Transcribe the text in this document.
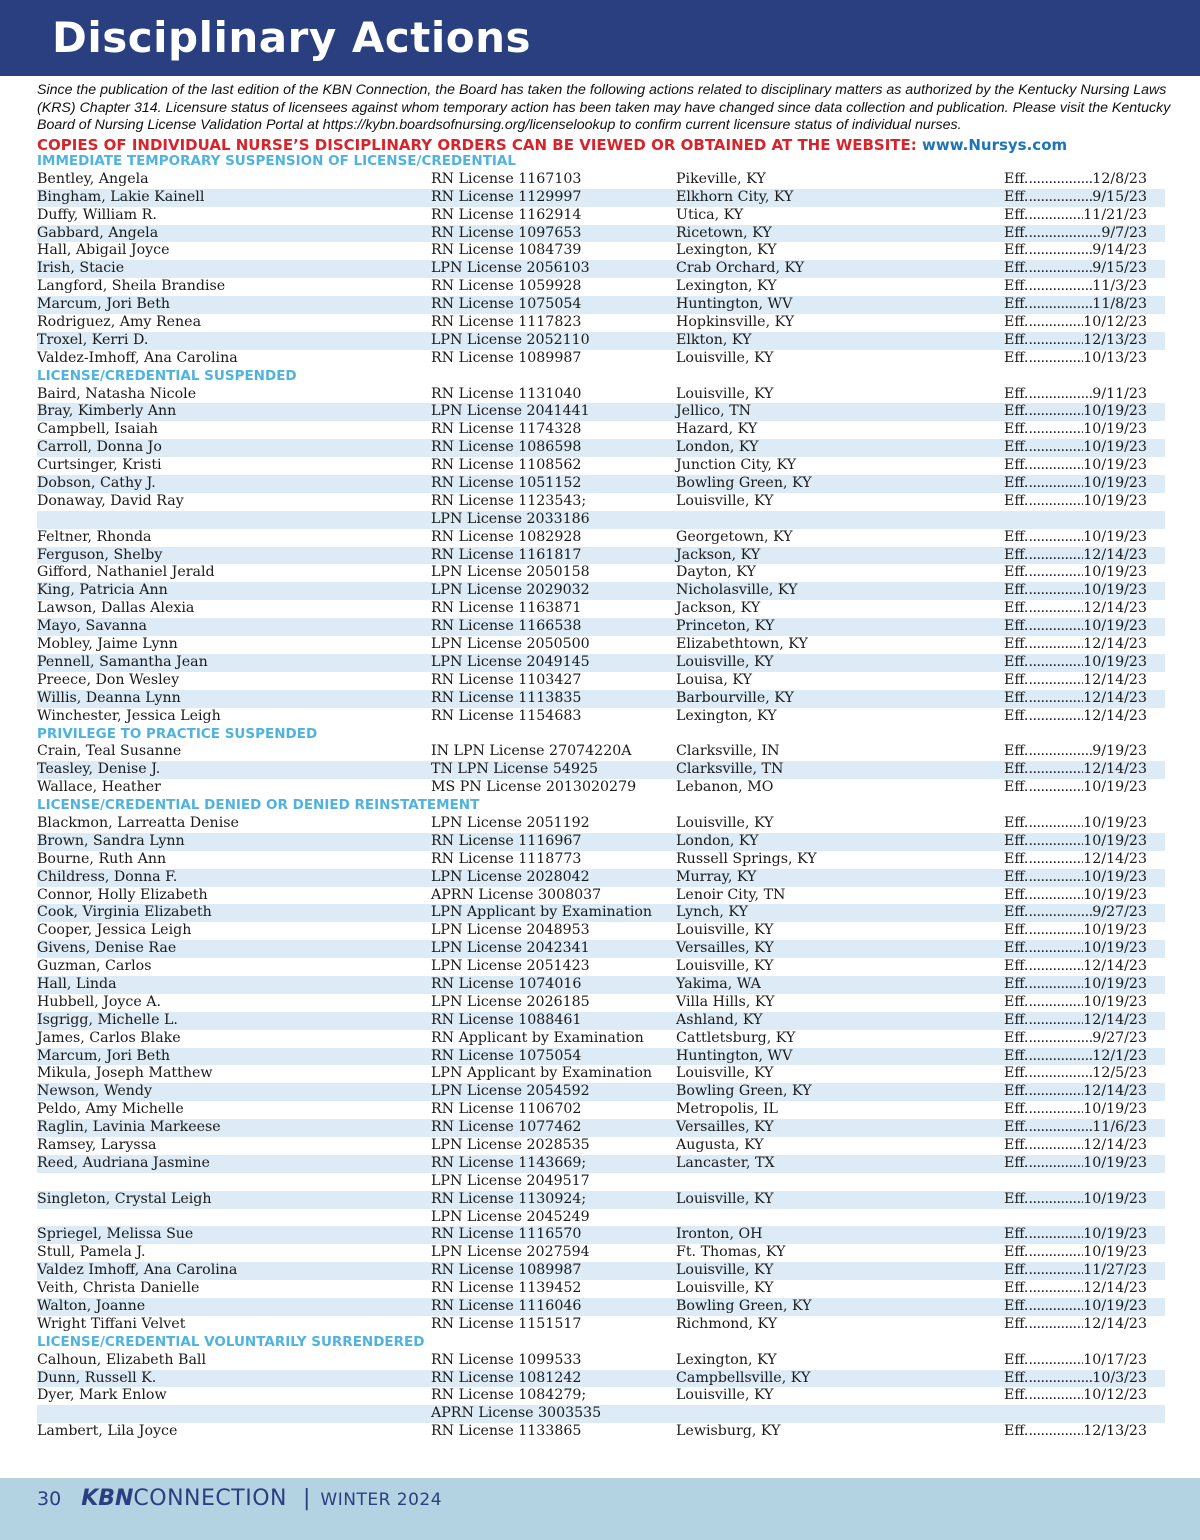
Disciplinary Actions
Since the publication of the last edition of the KBN Connection, the Board has taken the following actions related to disciplinary matters as authorized by the Kentucky Nursing Laws (KRS) Chapter 314. Licensure status of licensees against whom temporary action has been taken may have changed since data collection and publication. Please visit the Kentucky Board of Nursing License Validation Portal at https://kybn.boardsofnursing.org/licenselookup to confirm current licensure status of individual nurses.
COPIES OF INDIVIDUAL NURSE’S DISCIPLINARY ORDERS CAN BE VIEWED OR OBTAINED AT THE WEBSITE: www.Nursys.com
IMMEDIATE TEMPORARY SUSPENSION OF LICENSE/CREDENTIAL
Bentley, Angela	RN License 1167103	Pikeville, KY	Eff. .....	12/8/23
Bingham, Lakie Kainell	RN License 1129997	Elkhorn City, KY	Eff. .....	9/15/23
Duffy, William R.	RN License 1162914	Utica, KY	Eff. .....	11/21/23
Gabbard, Angela	RN License 1097653	Ricetown, KY	Eff. .....	9/7/23
Hall, Abigail Joyce	RN License 1084739	Lexington, KY	Eff. .....	9/14/23
Irish, Stacie	LPN License 2056103	Crab Orchard, KY	Eff. .....	9/15/23
Langford, Sheila Brandise	RN License 1059928	Lexington, KY	Eff. .....	11/3/23
Marcum, Jori Beth	RN License 1075054	Huntington, WV	Eff. .....	11/8/23
Rodriguez, Amy Renea	RN License 1117823	Hopkinsville, KY	Eff. .....	10/12/23
Troxel, Kerri D.	LPN License 2052110	Elkton, KY	Eff. .....	12/13/23
Valdez-Imhoff, Ana Carolina	RN License 1089987	Louisville, KY	Eff. .....	10/13/23
LICENSE/CREDENTIAL SUSPENDED
Baird, Natasha Nicole	RN License 1131040	Louisville, KY	Eff. .....	9/11/23
Bray, Kimberly Ann	LPN License 2041441	Jellico, TN	Eff. .....	10/19/23
Campbell, Isaiah	RN License 1174328	Hazard, KY	Eff. .....	10/19/23
Carroll, Donna Jo	RN License 1086598	London, KY	Eff. .....	10/19/23
Curtsinger, Kristi	RN License 1108562	Junction City, KY	Eff. .....	10/19/23
Dobson, Cathy J.	RN License 1051152	Bowling Green, KY	Eff. .....	10/19/23
Donaway, David Ray	RN License 1123543;	Louisville, KY	Eff. .....	10/19/23
LPN License 2033186
Feltner, Rhonda	RN License 1082928	Georgetown, KY	Eff. .....	10/19/23
Ferguson, Shelby	RN License 1161817	Jackson, KY	Eff. .....	12/14/23
Gifford, Nathaniel Jerald	LPN License 2050158	Dayton, KY	Eff. .....	10/19/23
King, Patricia Ann	LPN License 2029032	Nicholasville, KY	Eff. .....	10/19/23
Lawson, Dallas Alexia	RN License 1163871	Jackson, KY	Eff. .....	12/14/23
Mayo, Savanna	RN License 1166538	Princeton, KY	Eff. .....	10/19/23
Mobley, Jaime Lynn	LPN License 2050500	Elizabethtown, KY	Eff. .....	12/14/23
Pennell, Samantha Jean	LPN License 2049145	Louisville, KY	Eff. .....	10/19/23
Preece, Don Wesley	RN License 1103427	Louisa, KY	Eff. .....	12/14/23
Willis, Deanna Lynn	RN License 1113835	Barbourville, KY	Eff. .....	12/14/23
Winchester, Jessica Leigh	RN License 1154683	Lexington, KY	Eff. .....	12/14/23
PRIVILEGE TO PRACTICE SUSPENDED
Crain, Teal Susanne	IN LPN License 27074220A	Clarksville, IN	Eff. .....	9/19/23
Teasley, Denise J.	TN LPN License 54925	Clarksville, TN	Eff. .....	12/14/23
Wallace, Heather	MS PN License 2013020279	Lebanon, MO	Eff. .....	10/19/23
LICENSE/CREDENTIAL DENIED OR DENIED REINSTATEMENT
Blackmon, Larreatta Denise	LPN License 2051192	Louisville, KY	Eff. .....	10/19/23
Brown, Sandra Lynn	RN License 1116967	London, KY	Eff. .....	10/19/23
Bourne, Ruth Ann	RN License 1118773	Russell Springs, KY	Eff. .....	12/14/23
Childress, Donna F.	LPN License 2028042	Murray, KY	Eff. .....	10/19/23
Connor, Holly Elizabeth	APRN License 3008037	Lenoir City, TN	Eff. .....	10/19/23
Cook, Virginia Elizabeth	LPN Applicant by Examination Lynch, KY	Eff. .....	9/27/23
Cooper, Jessica Leigh	LPN License 2048953	Louisville, KY	Eff. .....	10/19/23
Givens, Denise Rae	LPN License 2042341	Versailles, KY	Eff. .....	10/19/23
Guzman, Carlos	LPN License 2051423	Louisville, KY	Eff. .....	12/14/23
Hall, Linda	RN License 1074016	Yakima, WA	Eff. .....	10/19/23
Hubbell, Joyce A.	LPN License 2026185	Villa Hills, KY	Eff. .....	10/19/23
Isgrigg, Michelle L.	RN License 1088461	Ashland, KY	Eff. .....	12/14/23
James, Carlos Blake	RN Applicant by Examination Cattletsburg, KY	Eff. .....	9/27/23
Marcum, Jori Beth	RN License 1075054	Huntington, WV	Eff. .....	12/1/23
Mikula, Joseph Matthew	LPN Applicant by Examination Louisville, KY	Eff. .....	12/5/23
Newson, Wendy	LPN License 2054592	Bowling Green, KY	Eff. .....	12/14/23
Peldo, Amy Michelle	RN License 1106702	Metropolis, IL	Eff. .....	10/19/23
Raglin, Lavinia Markeese	RN License 1077462	Versailles, KY	Eff. .....	11/6/23
Ramsey, Laryssa	LPN License 2028535	Augusta, KY	Eff. .....	12/14/23
Reed, Audriana Jasmine	RN License 1143669;	Lancaster, TX	Eff. .....	10/19/23
LPN License 2049517
Singleton, Crystal Leigh	RN License 1130924;	Louisville, KY	Eff. .....	10/19/23
LPN License 2045249
Spriegel, Melissa Sue	RN License 1116570	Ironton, OH	Eff. .....	10/19/23
Stull, Pamela J.	LPN License 2027594	Ft. Thomas, KY	Eff. .....	10/19/23
Valdez Imhoff, Ana Carolina	RN License 1089987	Louisville, KY	Eff. .....	11/27/23
Veith, Christa Danielle	RN License 1139452	Louisville, KY	Eff. .....	12/14/23
Walton, Joanne	RN License 1116046	Bowling Green, KY	Eff. .....	10/19/23
Wright Tiffani Velvet	RN License 1151517	Richmond, KY	Eff. .....	12/14/23
LICENSE/CREDENTIAL VOLUNTARILY SURRENDERED
Calhoun, Elizabeth Ball	RN License 1099533	Lexington, KY	Eff. .....	10/17/23
Dunn, Russell K.	RN License 1081242	Campbellsville, KY	Eff. .....	10/3/23
Dyer, Mark Enlow	RN License 1084279;	Louisville, KY	Eff. .....	10/12/23
APRN License 3003535
Lambert, Lila Joyce	RN License 1133865	Lewisburg, KY	Eff. .....	12/13/23
30 KBN CONNECTION | WINTER 2024
